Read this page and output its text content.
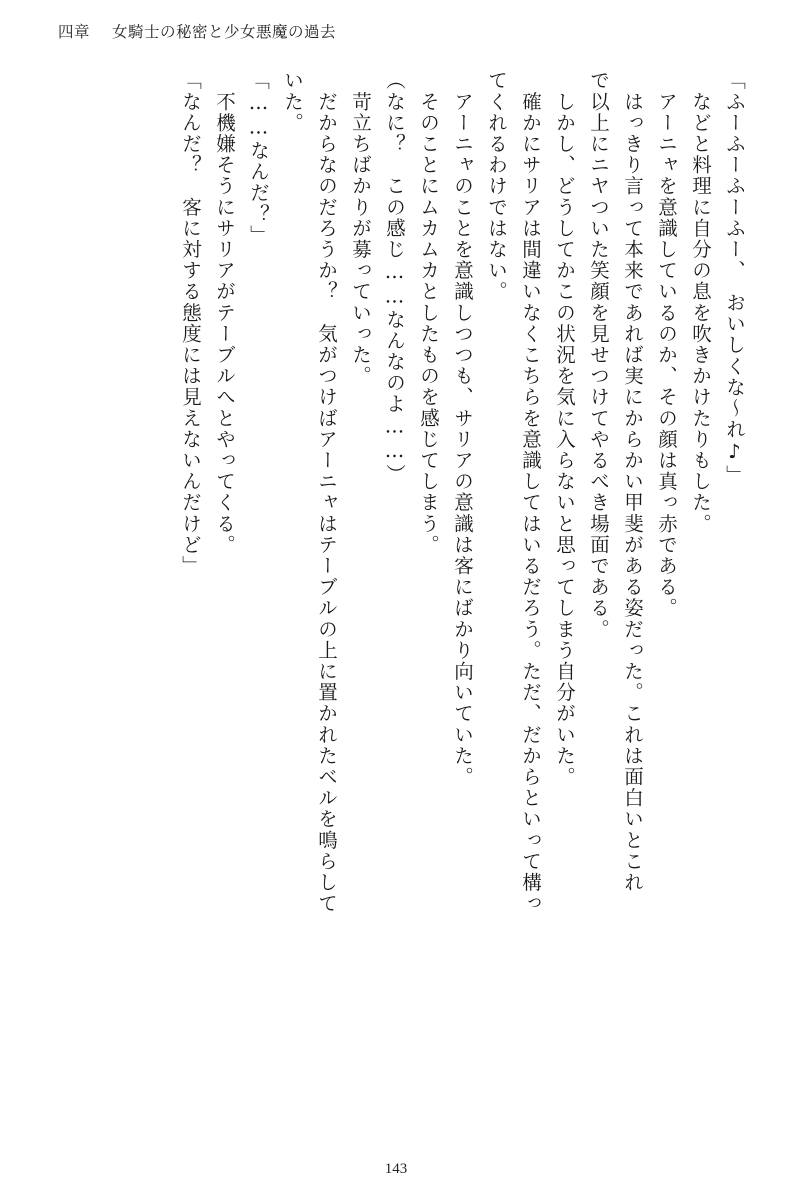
四章 女騎士の秘密と少女悪魔の過去
「ふーふーふーふー、　おいしくな～れ♪」
　などと料理に自分の息を吹きかけたりもした。
　アーニャを意識しているのか、その顔は真っ赤である。
　はっきり言って本来であれば実にからかい甲斐がある姿だった。これは面白いとこれ
で以上にニヤついた笑顔を見せつけてやるべき場面である。
　しかし、どうしてかこの状況を気に入らないと思ってしまう自分がいた。
　確かにサリアは間違いなくこちらを意識してはいるだろう。ただ、だからといって構っ
てくれるわけではない。
　アーニャのことを意識しつつも、サリアの意識は客にばかり向いていた。
　そのことにムカムカとしたものを感じてしまう。
（なに？　この感じ……なんなのよ……）
　苛立ちばかりが募っていった。
　だからなのだろうか？　気がつけばアーニャはテーブルの上に置かれたベルを鳴らして
いた。
「……なんだ？」
　不機嫌そうにサリアがテーブルへとやってくる。
「なんだ？　客に対する態度には見えないんだけど」
143
